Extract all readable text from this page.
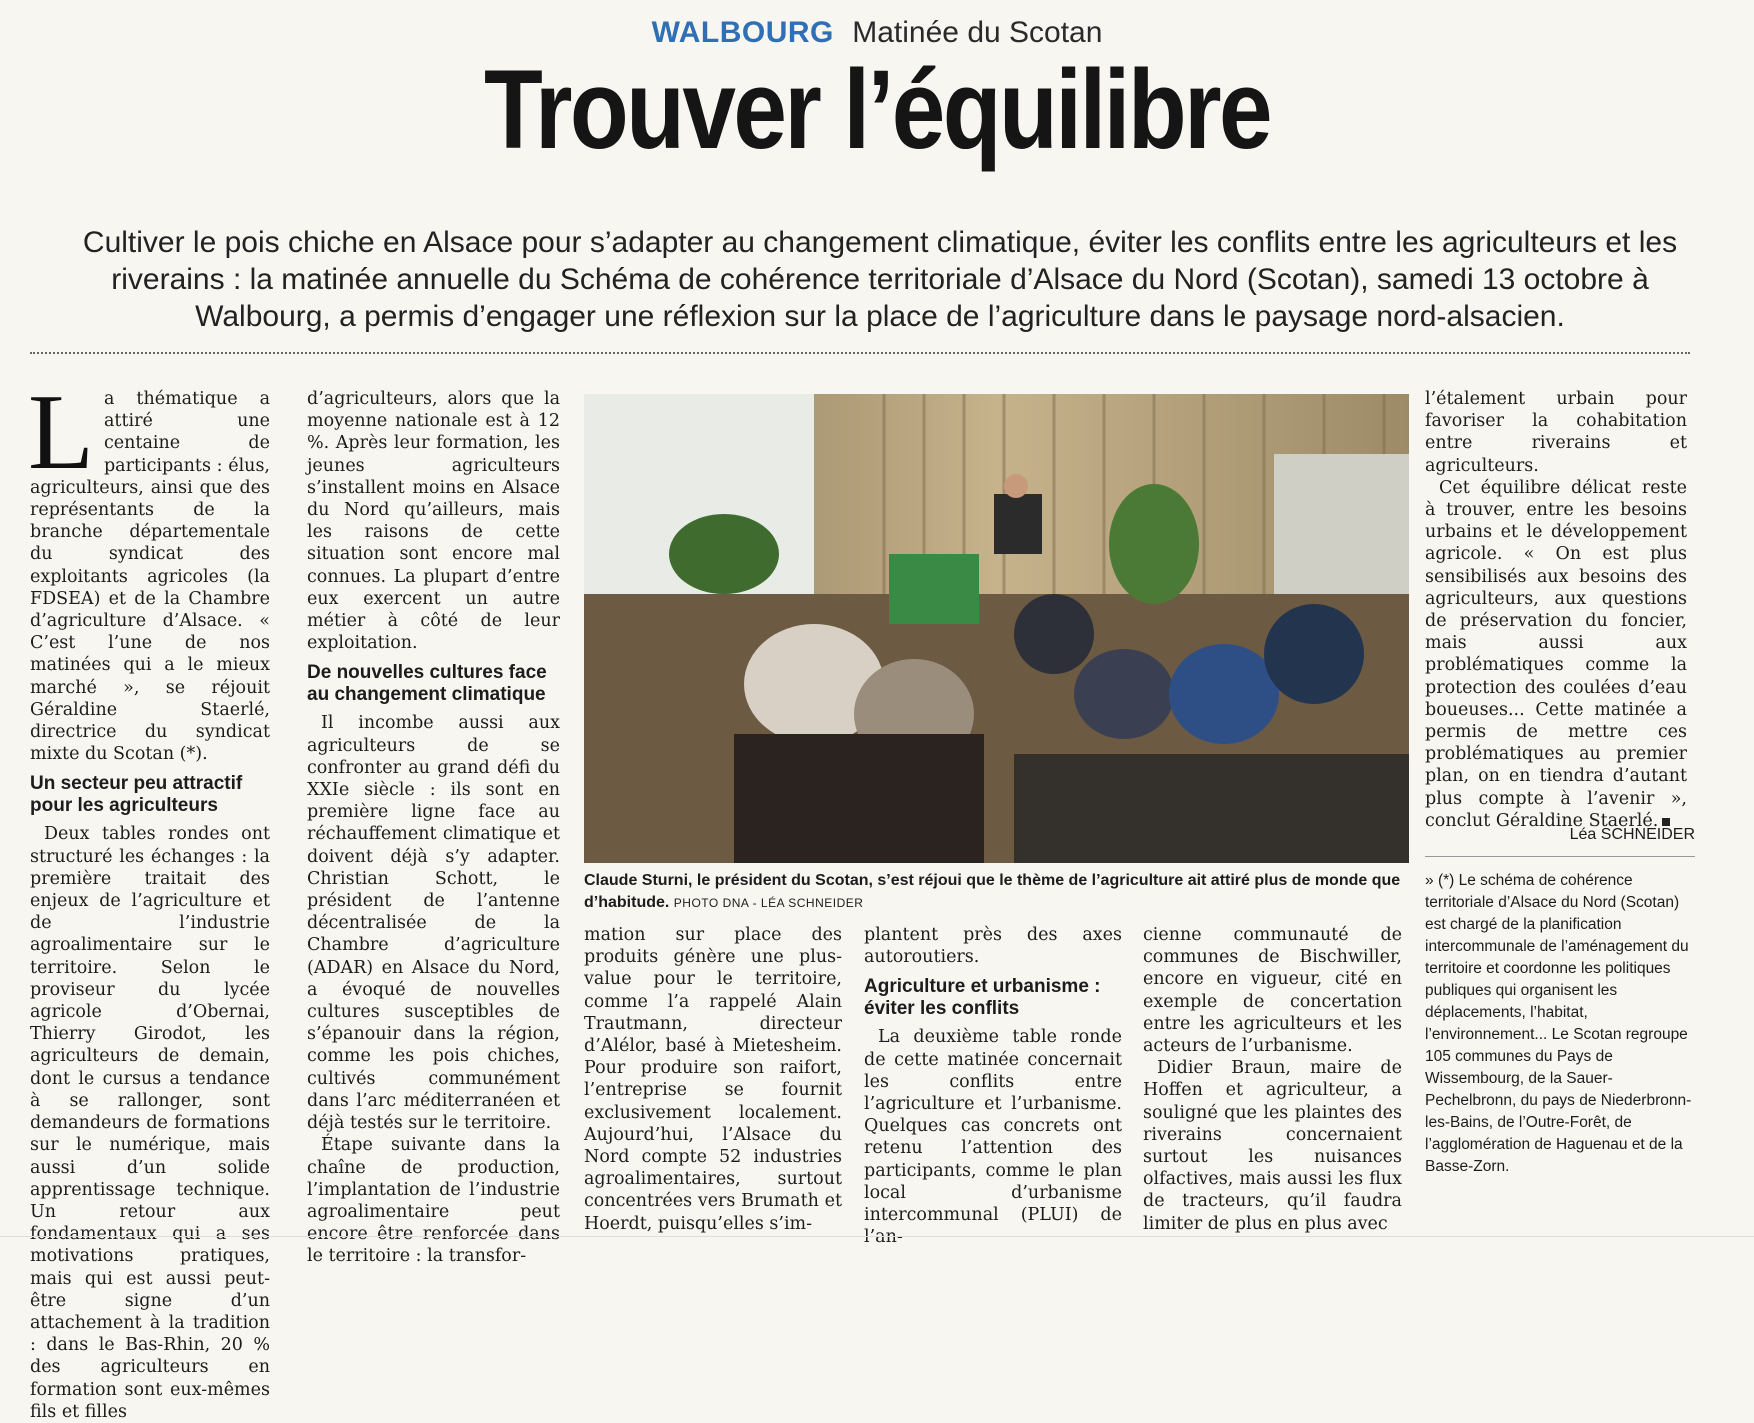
WALBOURG Matinée du Scotan
Trouver l’équilibre
Cultiver le pois chiche en Alsace pour s’adapter au changement climatique, éviter les conflits entre les agriculteurs et les riverains : la matinée annuelle du Schéma de cohérence territoriale d’Alsace du Nord (Scotan), samedi 13 octobre à Walbourg, a permis d’engager une réflexion sur la place de l’agriculture dans le paysage nord-alsacien.
L a thématique a attiré une centaine de participants : élus, agriculteurs, ainsi que des représentants de la branche départementale du syndicat des exploitants agricoles (la FDSEA) et de la Chambre d’agriculture d’Alsace. « C’est l’une de nos matinées qui a le mieux marché », se réjouit Géraldine Staerlé, directrice du syndicat mixte du Scotan (*).

Un secteur peu attractif pour les agriculteurs

Deux tables rondes ont structuré les échanges : la première traitait des enjeux de l’agriculture et de l’industrie agroalimentaire sur le territoire. Selon le proviseur du lycée agricole d’Obernai, Thierry Girodot, les agriculteurs de demain, dont le cursus a tendance à se rallonger, sont demandeurs de formations sur le numérique, mais aussi d’un solide apprentissage technique. Un retour aux fondamentaux qui a ses motivations pratiques, mais qui est aussi peut-être signe d’un attachement à la tradition : dans le Bas-Rhin, 20 % des agriculteurs en formation sont eux-mêmes fils et filles

d’agriculteurs, alors que la moyenne nationale est à 12 %. Après leur formation, les jeunes agriculteurs s’installent moins en Alsace du Nord qu’ailleurs, mais les raisons de cette situation sont encore mal connues. La plupart d’entre eux exercent un autre métier à côté de leur exploitation.

De nouvelles cultures face au changement climatique

Il incombe aussi aux agriculteurs de se confronter au grand défi du XXIe siècle : ils sont en première ligne face au réchauffement climatique et doivent déjà s’y adapter. Christian Schott, le président de l’antenne décentralisée de la Chambre d’agriculture (ADAR) en Alsace du Nord, a évoqué de nouvelles cultures susceptibles de s’épanouir dans la région, comme les pois chiches, cultivés communément dans l’arc méditerranéen et déjà testés sur le territoire.

Étape suivante dans la chaîne de production, l’implantation de l’industrie agroalimentaire peut encore être renforcée dans le territoire : la transfor-

Claude Sturni, le président du Scotan, s’est réjoui que le thème de l’agriculture ait attiré plus de monde que d’habitude. PHOTO DNA - LÉA SCHNEIDER

mation sur place des produits génère une plus-value pour le territoire, comme l’a rappelé Alain Trautmann, directeur d’Alélor, basé à Mietesheim. Pour produire son raifort, l’entreprise se fournit exclusivement localement. Aujourd’hui, l’Alsace du Nord compte 52 industries agroalimentaires, surtout concentrées vers Brumath et Hoerdt, puisqu’elles s’im-

plantent près des axes autoroutiers.

Agriculture et urbanisme : éviter les conflits

La deuxième table ronde de cette matinée concernait les conflits entre l’agriculture et l’urbanisme. Quelques cas concrets ont retenu l’attention des participants, comme le plan local d’urbanisme intercommunal (PLUI) de l’an-

cienne communauté de communes de Bischwiller, encore en vigueur, cité en exemple de concertation entre les agriculteurs et les acteurs de l’urbanisme.

Didier Braun, maire de Hoffen et agriculteur, a souligné que les plaintes des riverains concernaient surtout les nuisances olfactives, mais aussi les flux de tracteurs, qu’il faudra limiter de plus en plus avec

l’étalement urbain pour favoriser la cohabitation entre riverains et agriculteurs.

Cet équilibre délicat reste à trouver, entre les besoins urbains et le développement agricole. « On est plus sensibilisés aux besoins des agriculteurs, aux questions de préservation du foncier, mais aussi aux problématiques comme la protection des coulées d’eau boueuses... Cette matinée a permis de mettre ces problématiques au premier plan, on en tiendra d’autant plus compte à l’avenir », conclut Géraldine Staerlé.

Léa SCHNEIDER
» (*) Le schéma de cohérence territoriale d’Alsace du Nord (Scotan) est chargé de la planification intercommunale de l’aménagement du territoire et coordonne les politiques publiques qui organisent les déplacements, l’habitat, l’environnement... Le Scotan regroupe 105 communes du Pays de Wissembourg, de la Sauer-Pechelbronn, du pays de Niederbronn-les-Bains, de l’Outre-Forêt, de l’agglomération de Haguenau et de la Basse-Zorn.
